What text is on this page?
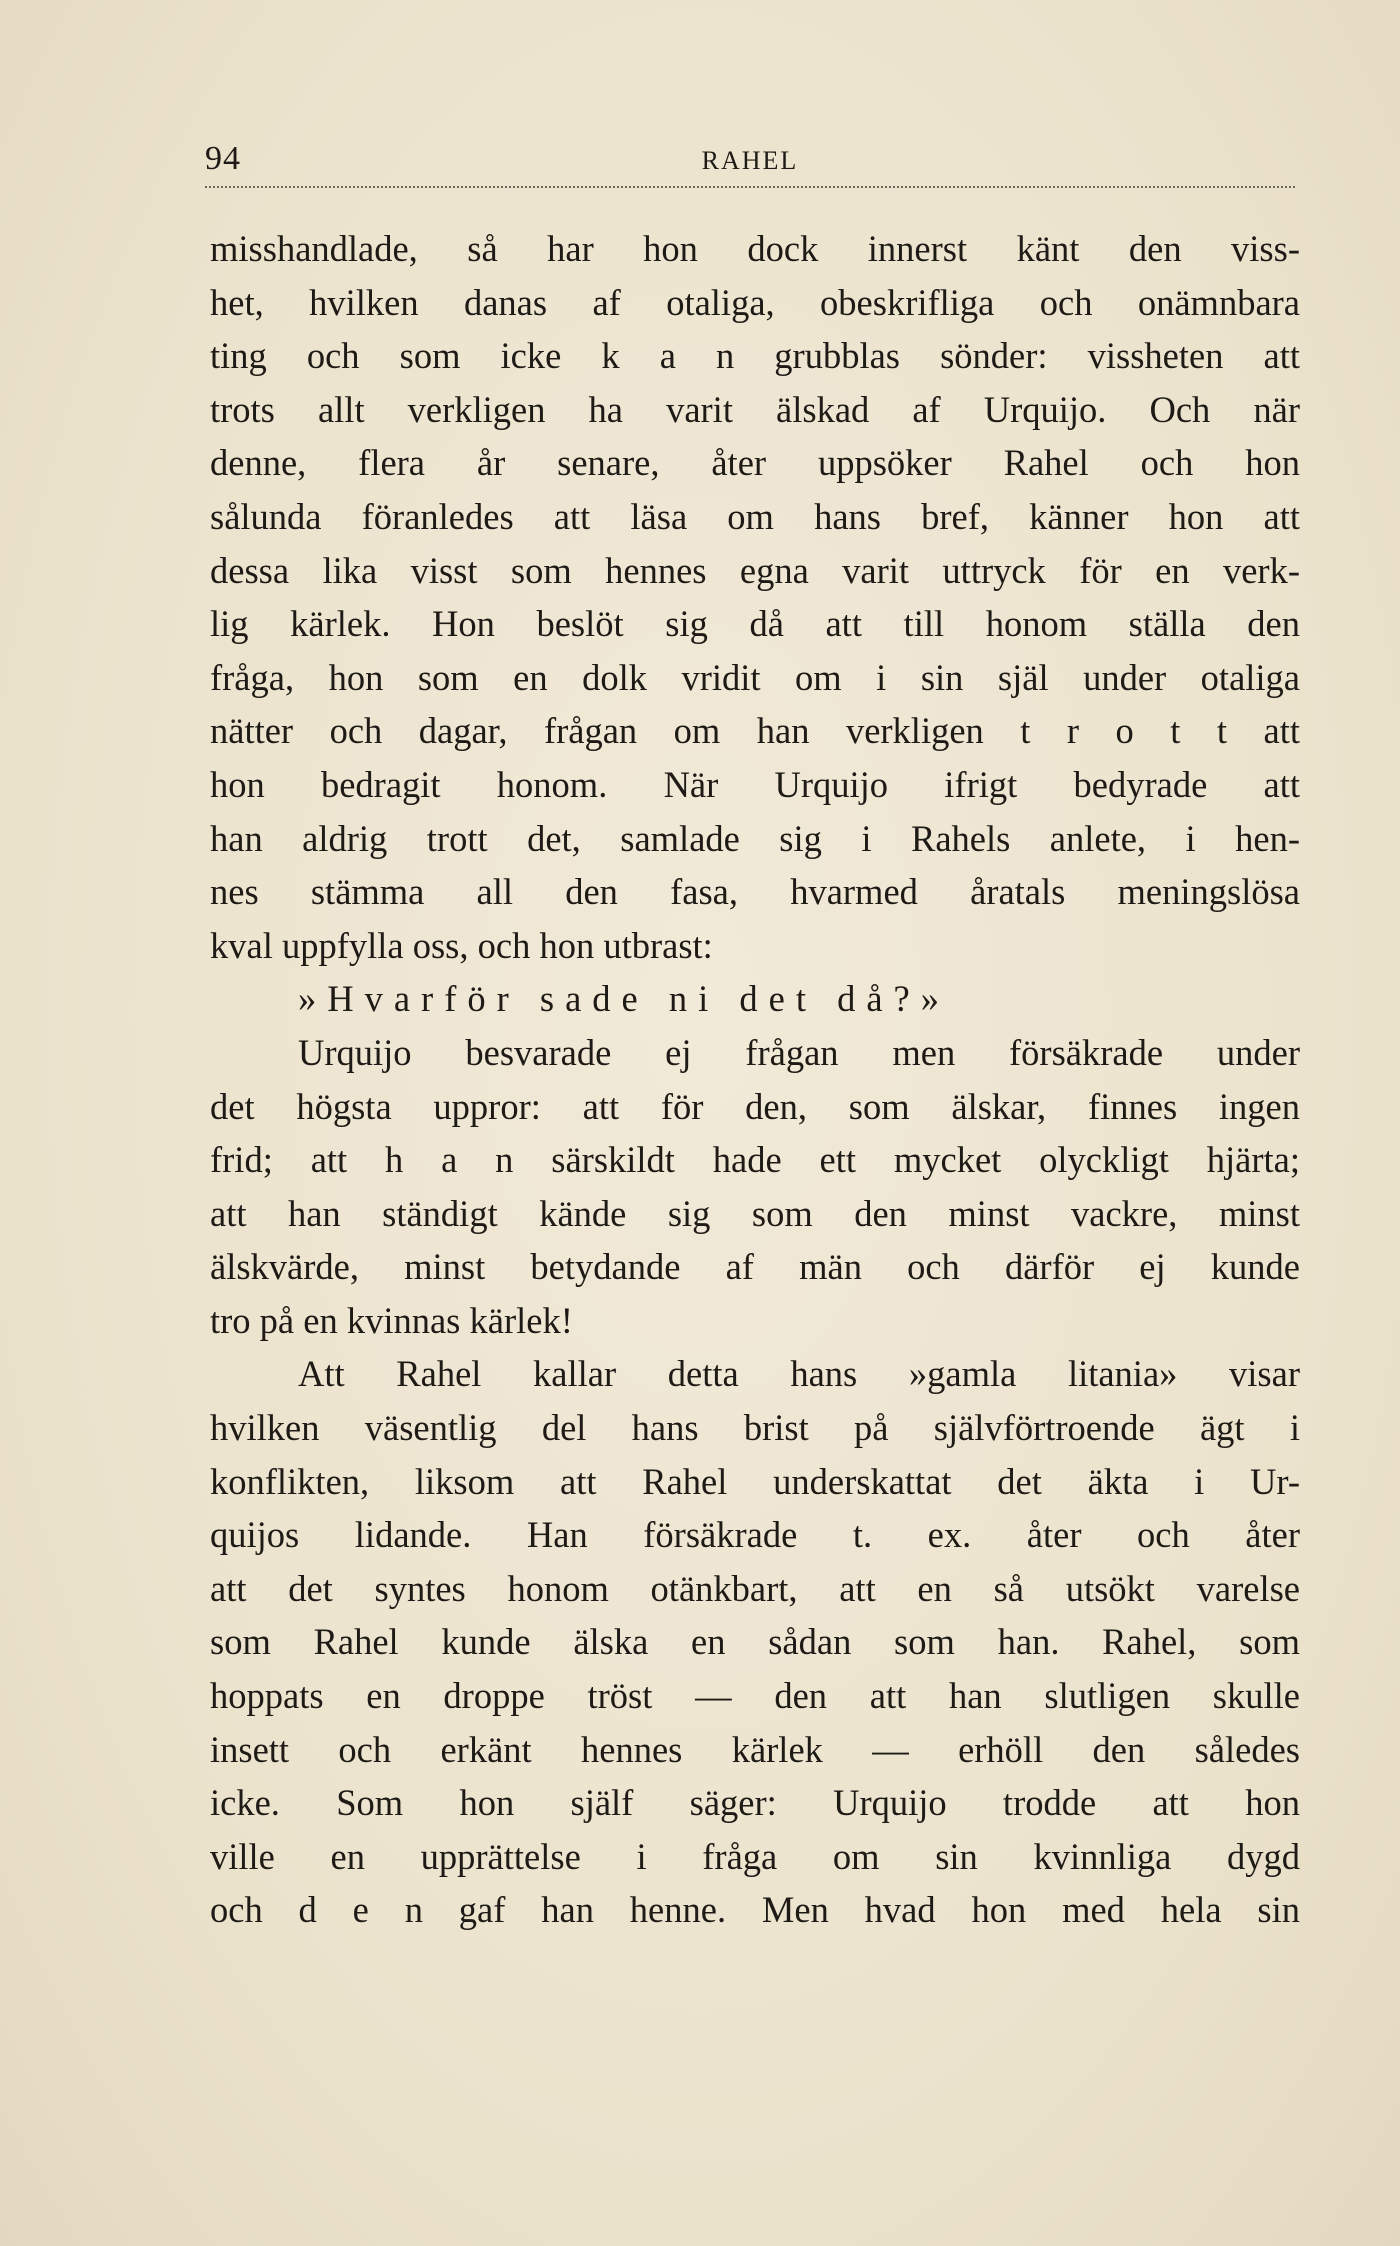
94	RAHEL
misshandlade, så har hon dock innerst känt den viss-
het, hvilken danas af otaliga, obeskrifliga och onämnbara
ting och som icke k a n grubblas sönder: vissheten att
trots allt verkligen ha varit älskad af Urquijo. Och när
denne, flera år senare, åter uppsöker Rahel och hon
sålunda föranledes att läsa om hans bref, känner hon att
dessa lika visst som hennes egna varit uttryck för en verk-
lig kärlek. Hon beslöt sig då att till honom ställa den
fråga, hon som en dolk vridit om i sin själ under otaliga
nätter och dagar, frågan om han verkligen t r o t t att
hon bedragit honom. När Urquijo ifrigt bedyrade att
han aldrig trott det, samlade sig i Rahels anlete, i hen-
nes stämma all den fasa, hvarmed åratals meningslösa
kval uppfylla oss, och hon utbrast:
»Hvarför sade ni det då?»
Urquijo besvarade ej frågan men försäkrade under
det högsta uppror: att för den, som älskar, finnes ingen
frid; att h a n särskildt hade ett mycket olyckligt hjärta;
att han ständigt kände sig som den minst vackre, minst
älskvärde, minst betydande af män och därför ej kunde
tro på en kvinnas kärlek!
Att Rahel kallar detta hans »gamla litania» visar
hvilken väsentlig del hans brist på självförtroende ägt i
konflikten, liksom att Rahel underskattat det äkta i Ur-
quijos lidande. Han försäkrade t. ex. åter och åter
att det syntes honom otänkbart, att en så utsökt varelse
som Rahel kunde älska en sådan som han. Rahel, som
hoppats en droppe tröst — den att han slutligen skulle
insett och erkänt hennes kärlek — erhöll den således
icke. Som hon själf säger: Urquijo trodde att hon
ville en upprättelse i fråga om sin kvinnliga dygd
och d e n gaf han henne. Men hvad hon med hela sin
